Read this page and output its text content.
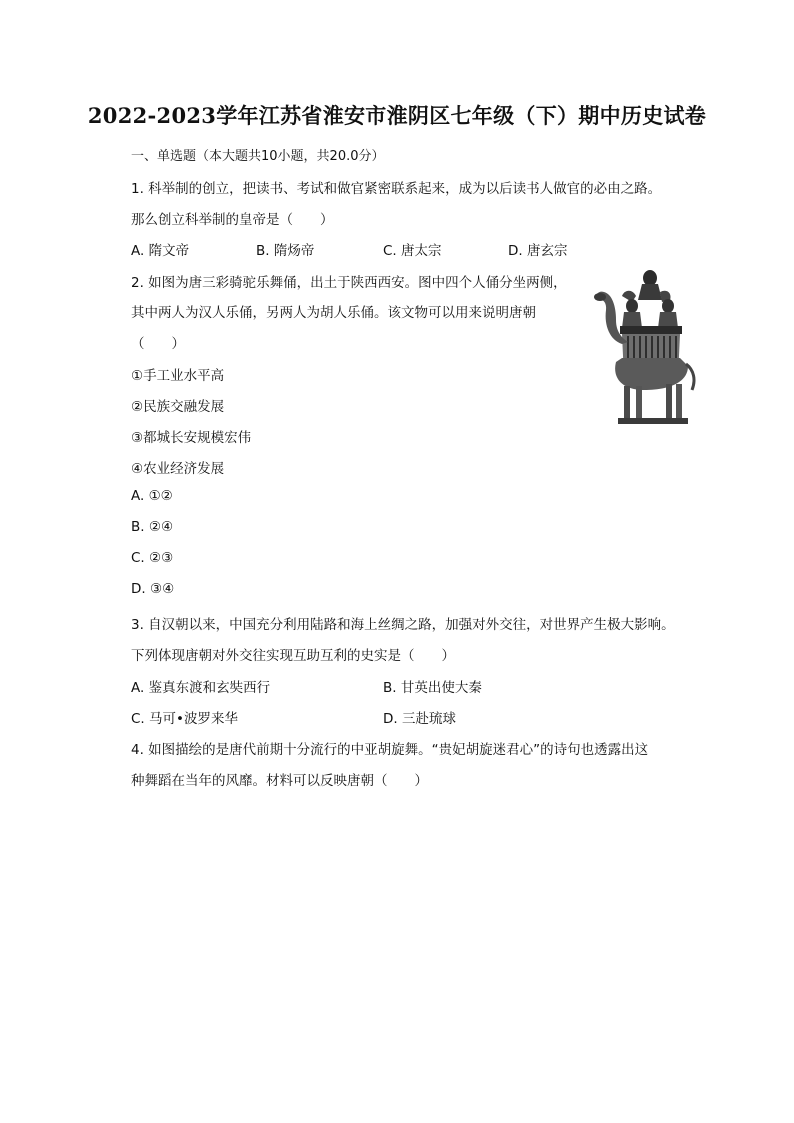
2022-2023学年江苏省淮安市淮阴区七年级（下）期中历史试卷
一、单选题（本大题共10小题，共20.0分）
1. 科举制的创立，把读书、考试和做官紧密联系起来，成为以后读书人做官的必由之路。
那么创立科举制的皇帝是（　　）
A. 隋文帝	B. 隋炀帝	C. 唐太宗	D. 唐玄宗
2. 如图为唐三彩骑驼乐舞俑，出土于陕西西安。图中四个人俑分坐两侧，
其中两人为汉人乐俑，另两人为胡人乐俑。该文物可以用来说明唐朝
（　　）
①手工业水平高
②民族交融发展
③都城长安规模宏伟
④农业经济发展
A. ①②
B. ②④
C. ②③
D. ③④
3. 自汉朝以来，中国充分利用陆路和海上丝绸之路，加强对外交往，对世界产生极大影响。
下列体现唐朝对外交往实现互助互利的史实是（　　）
A. 鉴真东渡和玄奘西行	B. 甘英出使大秦
C. 马可•波罗来华	D. 三赴琉球
4. 如图描绘的是唐代前期十分流行的中亚胡旋舞。“贵妃胡旋迷君心”的诗句也透露出这
种舞蹈在当年的风靡。材料可以反映唐朝（　　）
